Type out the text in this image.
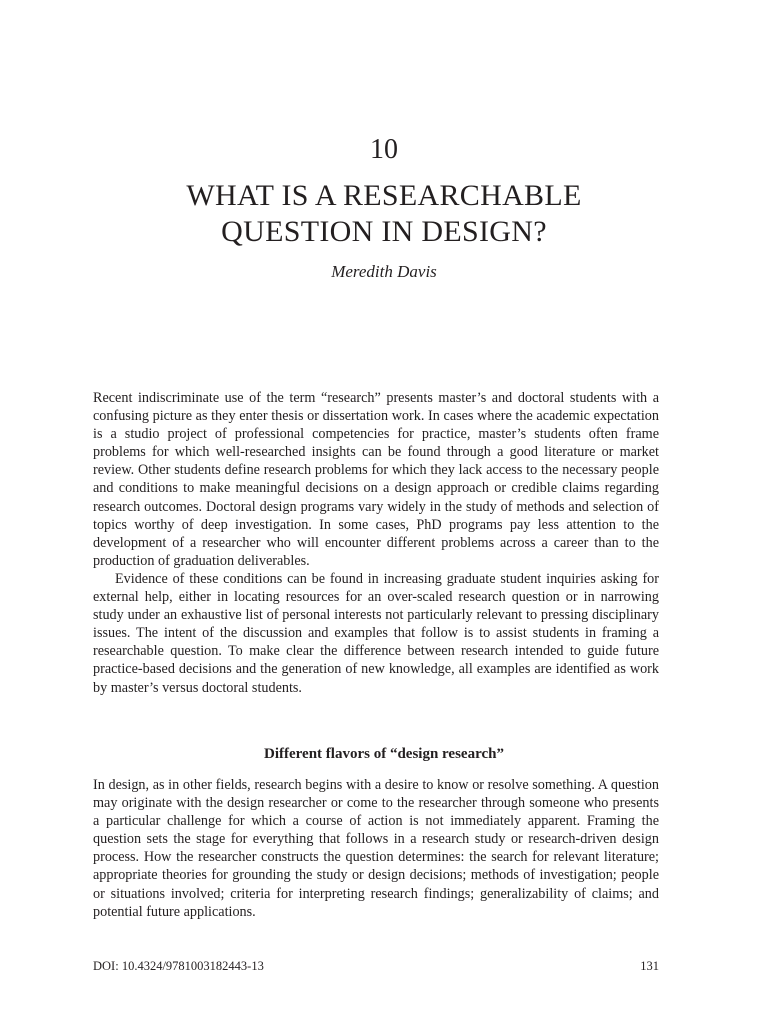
10
WHAT IS A RESEARCHABLE
QUESTION IN DESIGN?
Meredith Davis

Recent indiscriminate use of the term “research” presents master’s and doctoral students with a confusing picture as they enter thesis or dissertation work. In cases where the academic expectation is a studio project of professional competencies for practice, master’s students often frame problems for which well-researched insights can be found through a good literature or market review. Other students define research problems for which they lack access to the necessary people and conditions to make meaningful decisions on a design approach or credible claims regarding research outcomes. Doctoral design programs vary widely in the study of methods and selection of topics worthy of deep investigation. In some cases, PhD programs pay less attention to the development of a researcher who will encounter different problems across a career than to the production of graduation deliverables.

Evidence of these conditions can be found in increasing graduate student inquiries asking for external help, either in locating resources for an over-scaled research question or in narrowing study under an exhaustive list of personal interests not particularly relevant to pressing disciplinary issues. The intent of the discussion and examples that follow is to assist students in framing a researchable question. To make clear the difference between research intended to guide future practice-based decisions and the generation of new knowledge, all examples are identified as work by master’s versus doctoral students.

Different flavors of “design research”

In design, as in other fields, research begins with a desire to know or resolve something. A question may originate with the design researcher or come to the researcher through someone who presents a particular challenge for which a course of action is not immediately apparent. Framing the question sets the stage for everything that follows in a research study or research-driven design process. How the researcher constructs the question determines: the search for relevant literature; appropriate theories for grounding the study or design decisions; methods of investigation; people or situations involved; criteria for interpreting research findings; generalizability of claims; and potential future applications.

DOI: 10.4324/9781003182443-13	131
